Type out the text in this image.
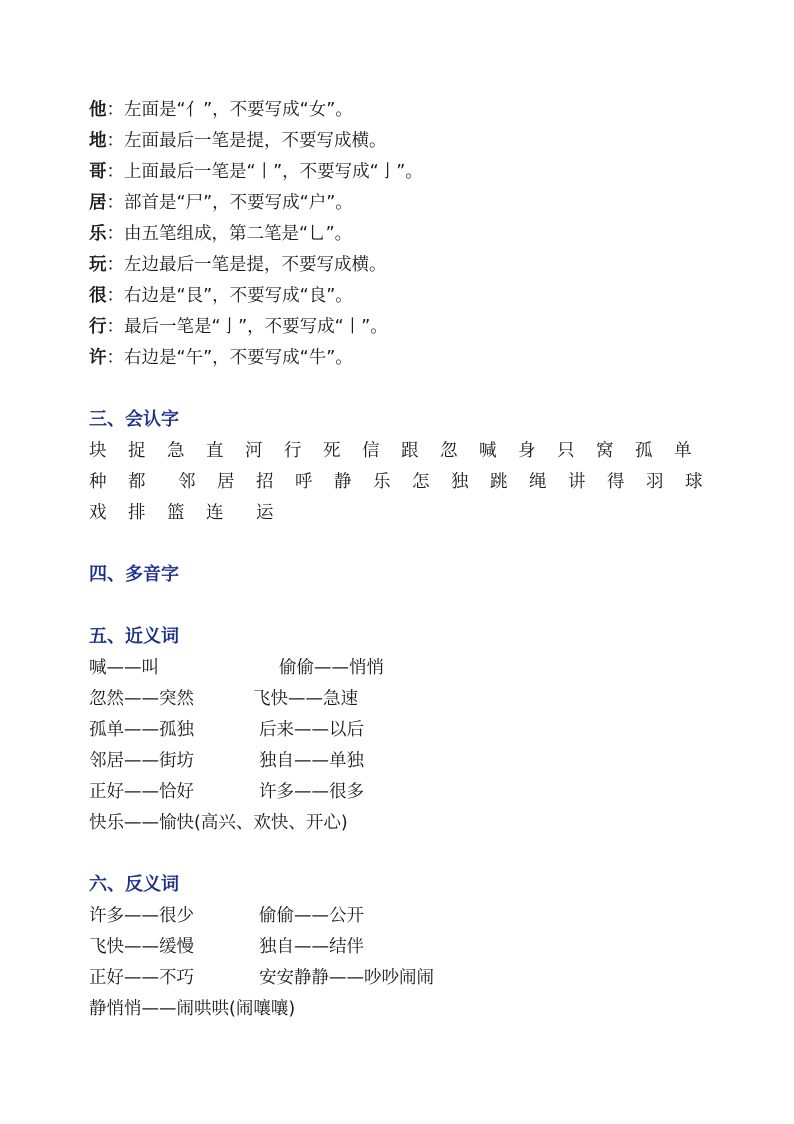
他：左面是“亻”，不要写成“女”。
地：左面最后一笔是提，不要写成横。
哥：上面最后一笔是“丨”，不要写成“亅”。
居：部首是“尸”，不要写成“户”。
乐：由五笔组成，第二笔是“乚”。
玩：左边最后一笔是提，不要写成横。
很：右边是“艮”，不要写成“良”。
行：最后一笔是“亅”，不要写成“丨”。
许：右边是“午”，不要写成“牛”。
三、会认字
块 捉 急 直 河 行 死 信 跟 忽 喊 身 只 窝 孤 单
种 都 邻 居 招 呼 静 乐 怎 独 跳 绳 讲 得 羽 球
戏 排 篮 连 运
四、多音字
五、近义词
喊——叫	偷偷——悄悄
忽然——突然	飞快——急速
孤单——孤独	后来——以后
邻居——街坊	独自——单独
正好——恰好	许多——很多
快乐——愉快(高兴、欢快、开心)
六、反义词
许多——很少	偷偷——公开
飞快——缓慢	独自——结伴
正好——不巧	安安静静——吵吵闹闹
静悄悄——闹哄哄(闹嚷嚷)
